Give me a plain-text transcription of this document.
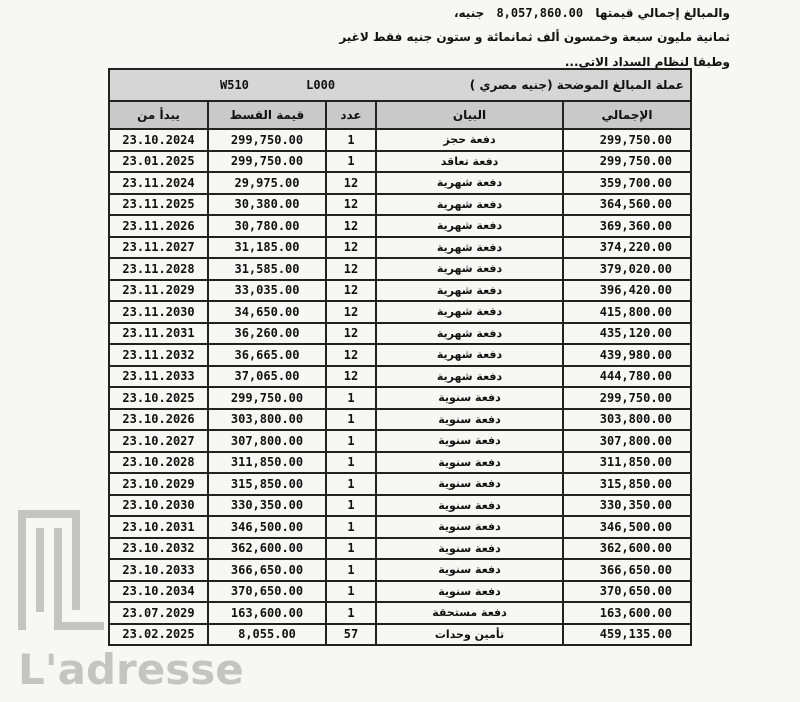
والمبالغ إجمالي قيمتها 8,057,860.00 جنيه،
ثمانية مليون سبعة وخمسون ألف ثمانمائة و ستون جنيه فقط لاغير
وطبقا لنظام السداد الاتي...
W510 L000 عملة المبالغ الموضحة (جنيه مصري )				
يبدأ من	قيمة القسط	عدد	البيان	الإجمالي
23.10.2024	299,750.00	1	دفعة حجز	299,750.00
23.01.2025	299,750.00	1	دفعة تعاقد	299,750.00
23.11.2024	29,975.00	12	دفعة شهرية	359,700.00
23.11.2025	30,380.00	12	دفعة شهرية	364,560.00
23.11.2026	30,780.00	12	دفعة شهرية	369,360.00
23.11.2027	31,185.00	12	دفعة شهرية	374,220.00
23.11.2028	31,585.00	12	دفعة شهرية	379,020.00
23.11.2029	33,035.00	12	دفعة شهرية	396,420.00
23.11.2030	34,650.00	12	دفعة شهرية	415,800.00
23.11.2031	36,260.00	12	دفعة شهرية	435,120.00
23.11.2032	36,665.00	12	دفعة شهرية	439,980.00
23.11.2033	37,065.00	12	دفعة شهرية	444,780.00
23.10.2025	299,750.00	1	دفعة سنوية	299,750.00
23.10.2026	303,800.00	1	دفعة سنوية	303,800.00
23.10.2027	307,800.00	1	دفعة سنوية	307,800.00
23.10.2028	311,850.00	1	دفعة سنوية	311,850.00
23.10.2029	315,850.00	1	دفعة سنوية	315,850.00
23.10.2030	330,350.00	1	دفعة سنوية	330,350.00
23.10.2031	346,500.00	1	دفعة سنوية	346,500.00
23.10.2032	362,600.00	1	دفعة سنوية	362,600.00
23.10.2033	366,650.00	1	دفعة سنوية	366,650.00
23.10.2034	370,650.00	1	دفعة سنوية	370,650.00
23.07.2029	163,600.00	1	دفعة مستحقة	163,600.00
23.02.2025	8,055.00	57	تأمين وحدات	459,135.00
L'adresse
